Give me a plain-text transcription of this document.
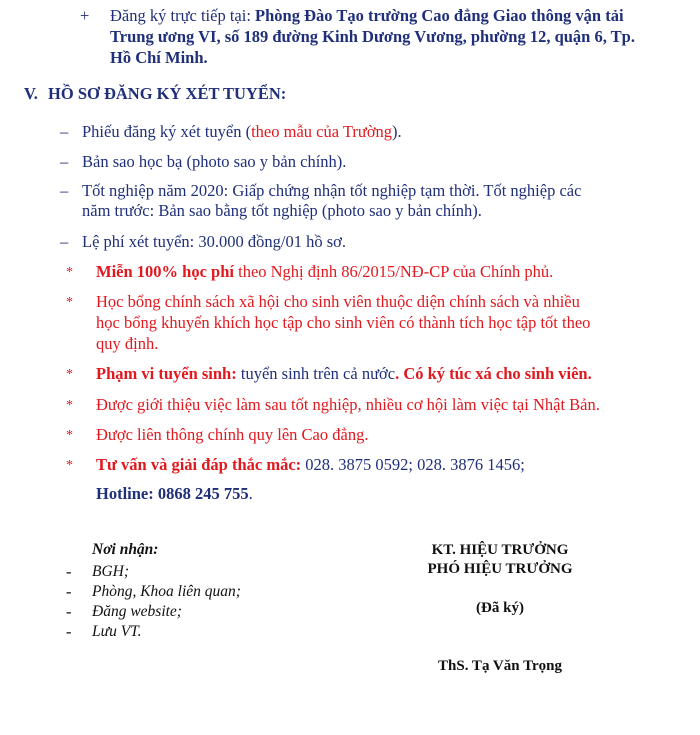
+ Đăng ký trực tiếp tại: Phòng Đào Tạo trường Cao đẳng Giao thông vận tải
Trung ương VI, số 189 đường Kinh Dương Vương, phường 12, quận 6, Tp.
Hồ Chí Minh.
V. HỒ SƠ ĐĂNG KÝ XÉT TUYỂN:
– Phiếu đăng ký xét tuyển (theo mẫu của Trường).
– Bản sao học bạ (photo sao y bản chính).
– Tốt nghiệp năm 2020: Giấp chứng nhận tốt nghiệp tạm thời. Tốt nghiệp các
năm trước: Bản sao bằng tốt nghiệp (photo sao y bản chính).
– Lệ phí xét tuyển: 30.000 đồng/01 hồ sơ.
* Miễn 100% học phí theo Nghị định 86/2015/NĐ-CP của Chính phủ.
* Học bổng chính sách xã hội cho sinh viên thuộc diện chính sách và nhiều
học bổng khuyến khích học tập cho sinh viên có thành tích học tập tốt theo
quy định.
* Phạm vi tuyển sinh: tuyển sinh trên cả nước. Có ký túc xá cho sinh viên.
* Được giới thiệu việc làm sau tốt nghiệp, nhiều cơ hội làm việc tại Nhật Bản.
* Được liên thông chính quy lên Cao đẳng.
* Tư vấn và giải đáp thắc mắc: 028. 3875 0592; 028. 3876 1456;
Hotline: 0868 245 755.
Nơi nhận:
- BGH;
- Phòng, Khoa liên quan;
- Đăng website;
- Lưu VT.
KT. HIỆU TRƯỞNG
PHÓ HIỆU TRƯỞNG
(Đã ký)
ThS. Tạ Văn Trọng
